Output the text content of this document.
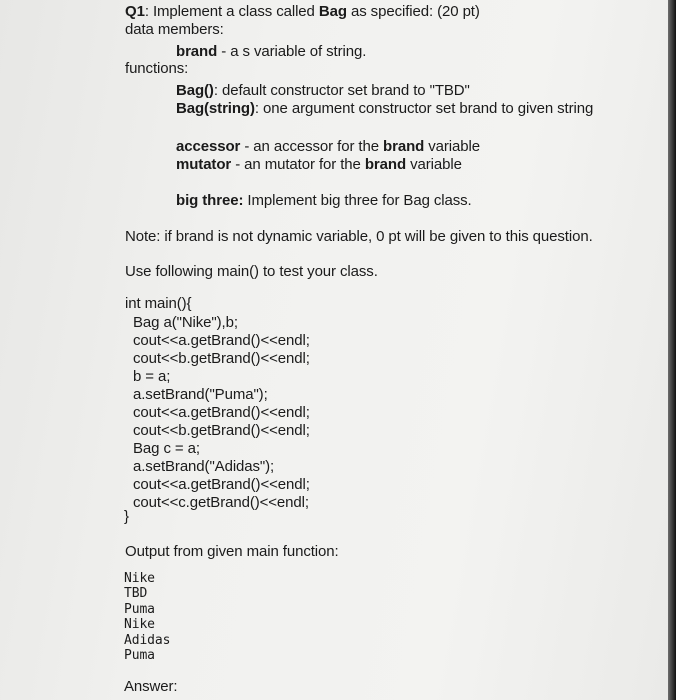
Q1: Implement a class called Bag as specified: (20 pt)
data members:
brand - a s variable of string.
functions:
Bag(): default constructor set brand to "TBD"
Bag(string): one argument constructor set brand to given string
accessor - an accessor for the brand variable
mutator - an mutator for the brand variable
big three: Implement big three for Bag class.
Note: if brand is not dynamic variable, 0 pt will be given to this question.
Use following main() to test your class.
int main(){
Bag a("Nike"),b;
cout<<a.getBrand()<<endl;
cout<<b.getBrand()<<endl;
b = a;
a.setBrand("Puma");
cout<<a.getBrand()<<endl;
cout<<b.getBrand()<<endl;
Bag c = a;
a.setBrand("Adidas");
cout<<a.getBrand()<<endl;
cout<<c.getBrand()<<endl;
}
Output from given main function:
Nike
TBD
Puma
Nike
Adidas
Puma
Answer:
